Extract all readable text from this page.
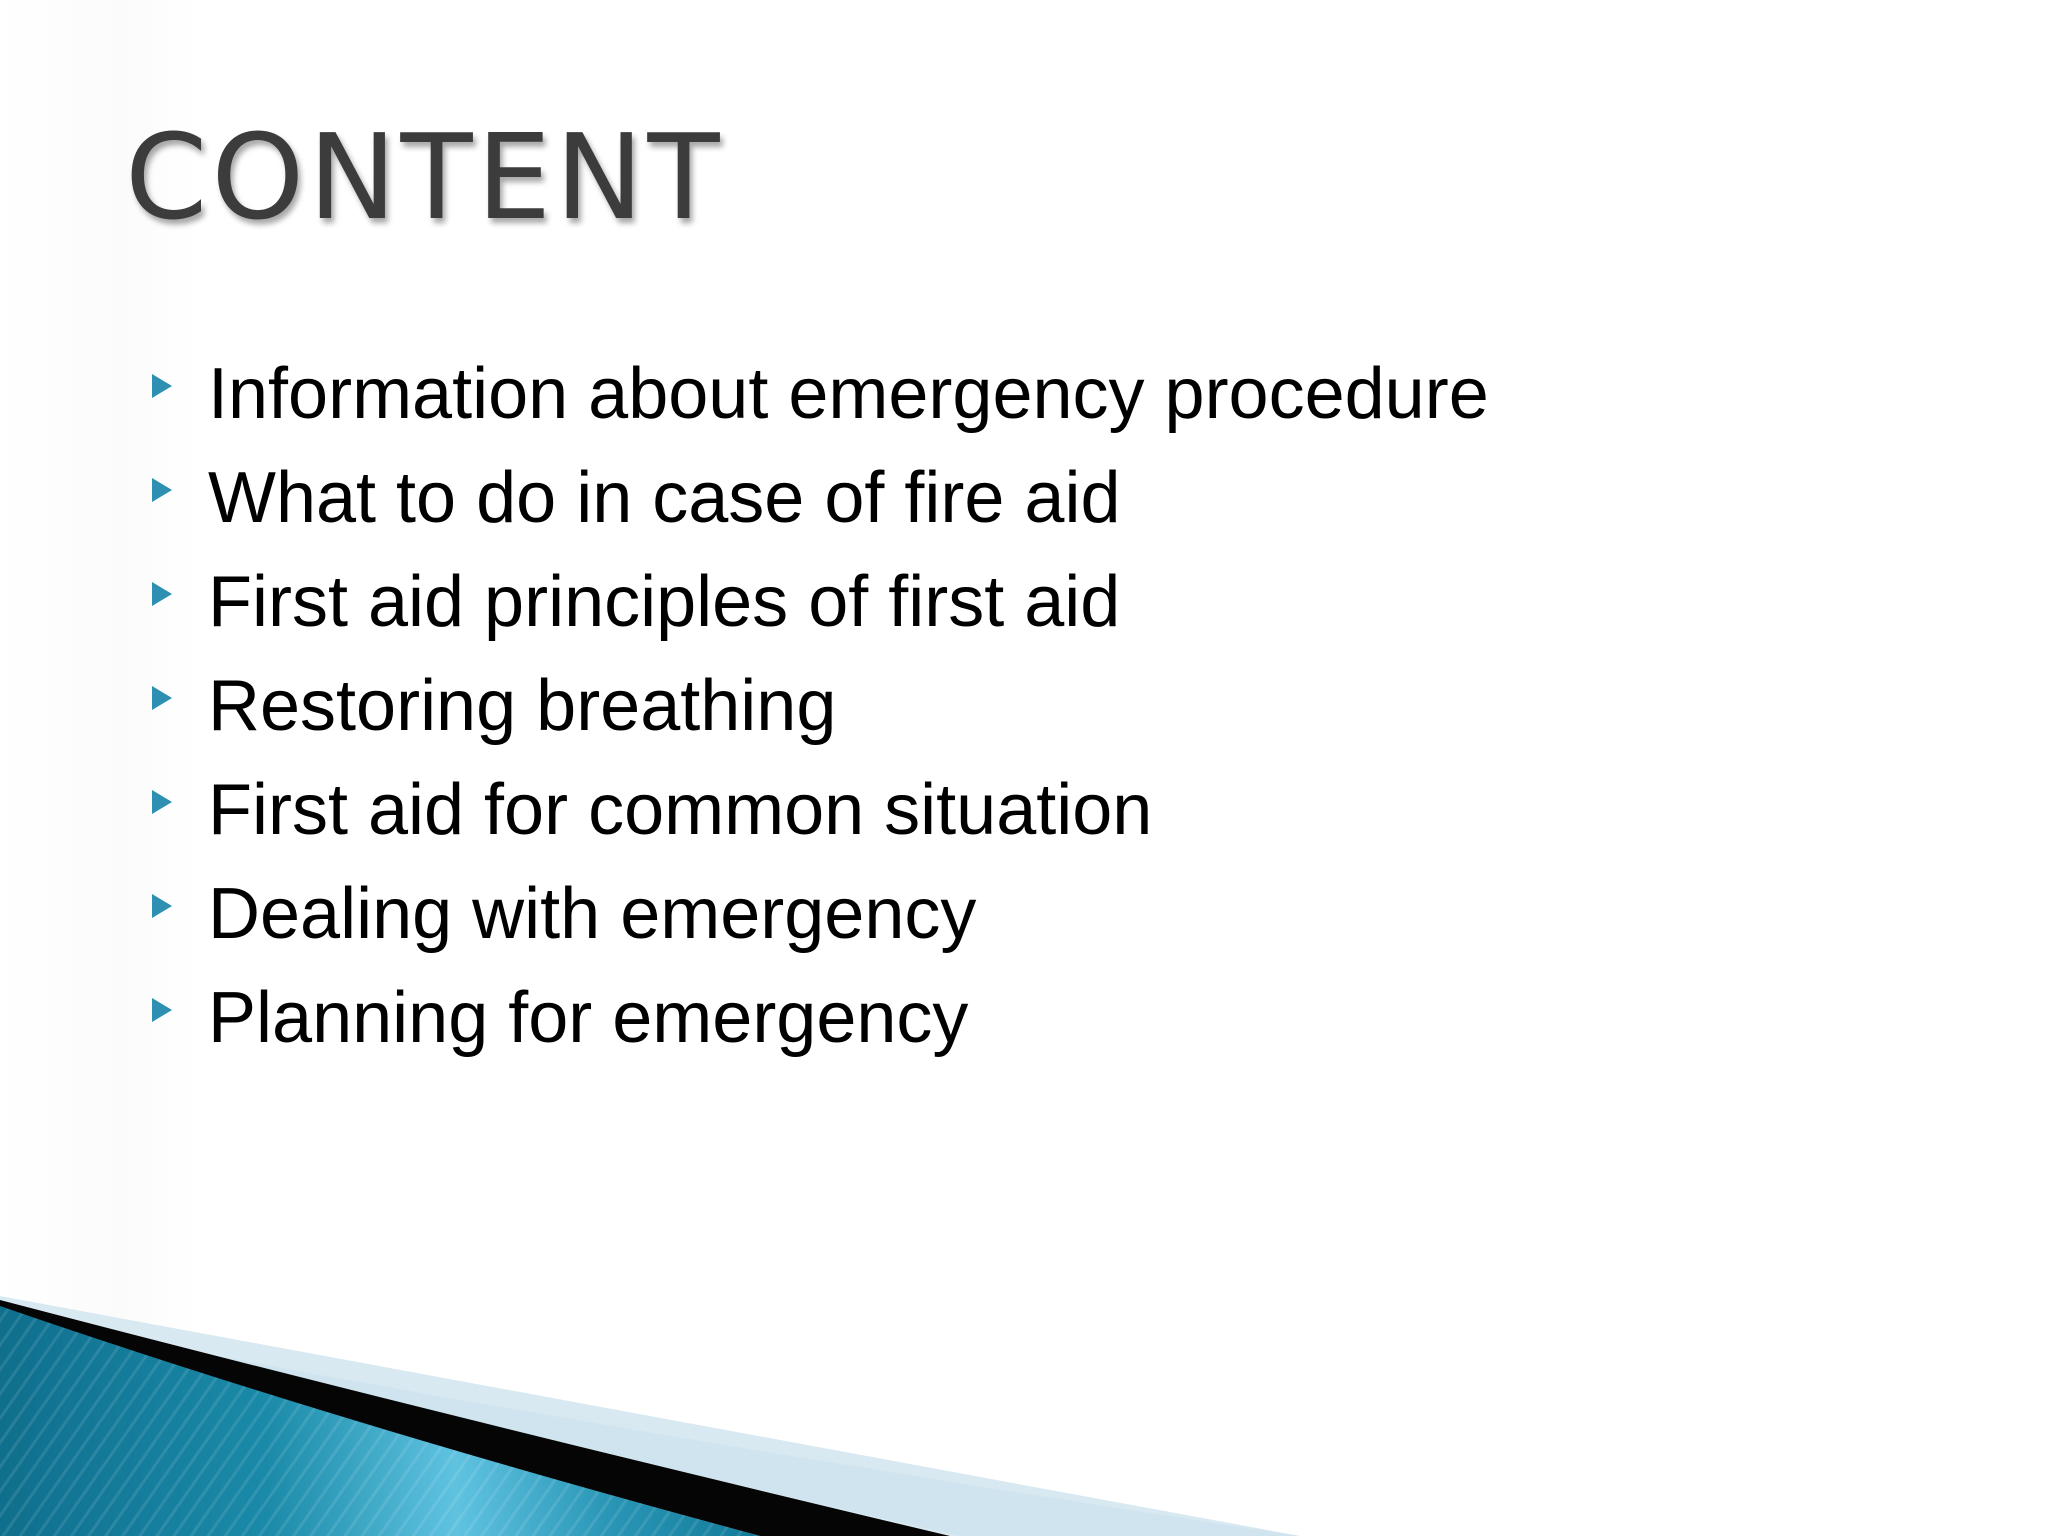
CONTENT
Information about emergency procedure
What to do in case of fire aid
First aid principles of first aid
Restoring breathing
First aid for common situation
Dealing with emergency
Planning for emergency
